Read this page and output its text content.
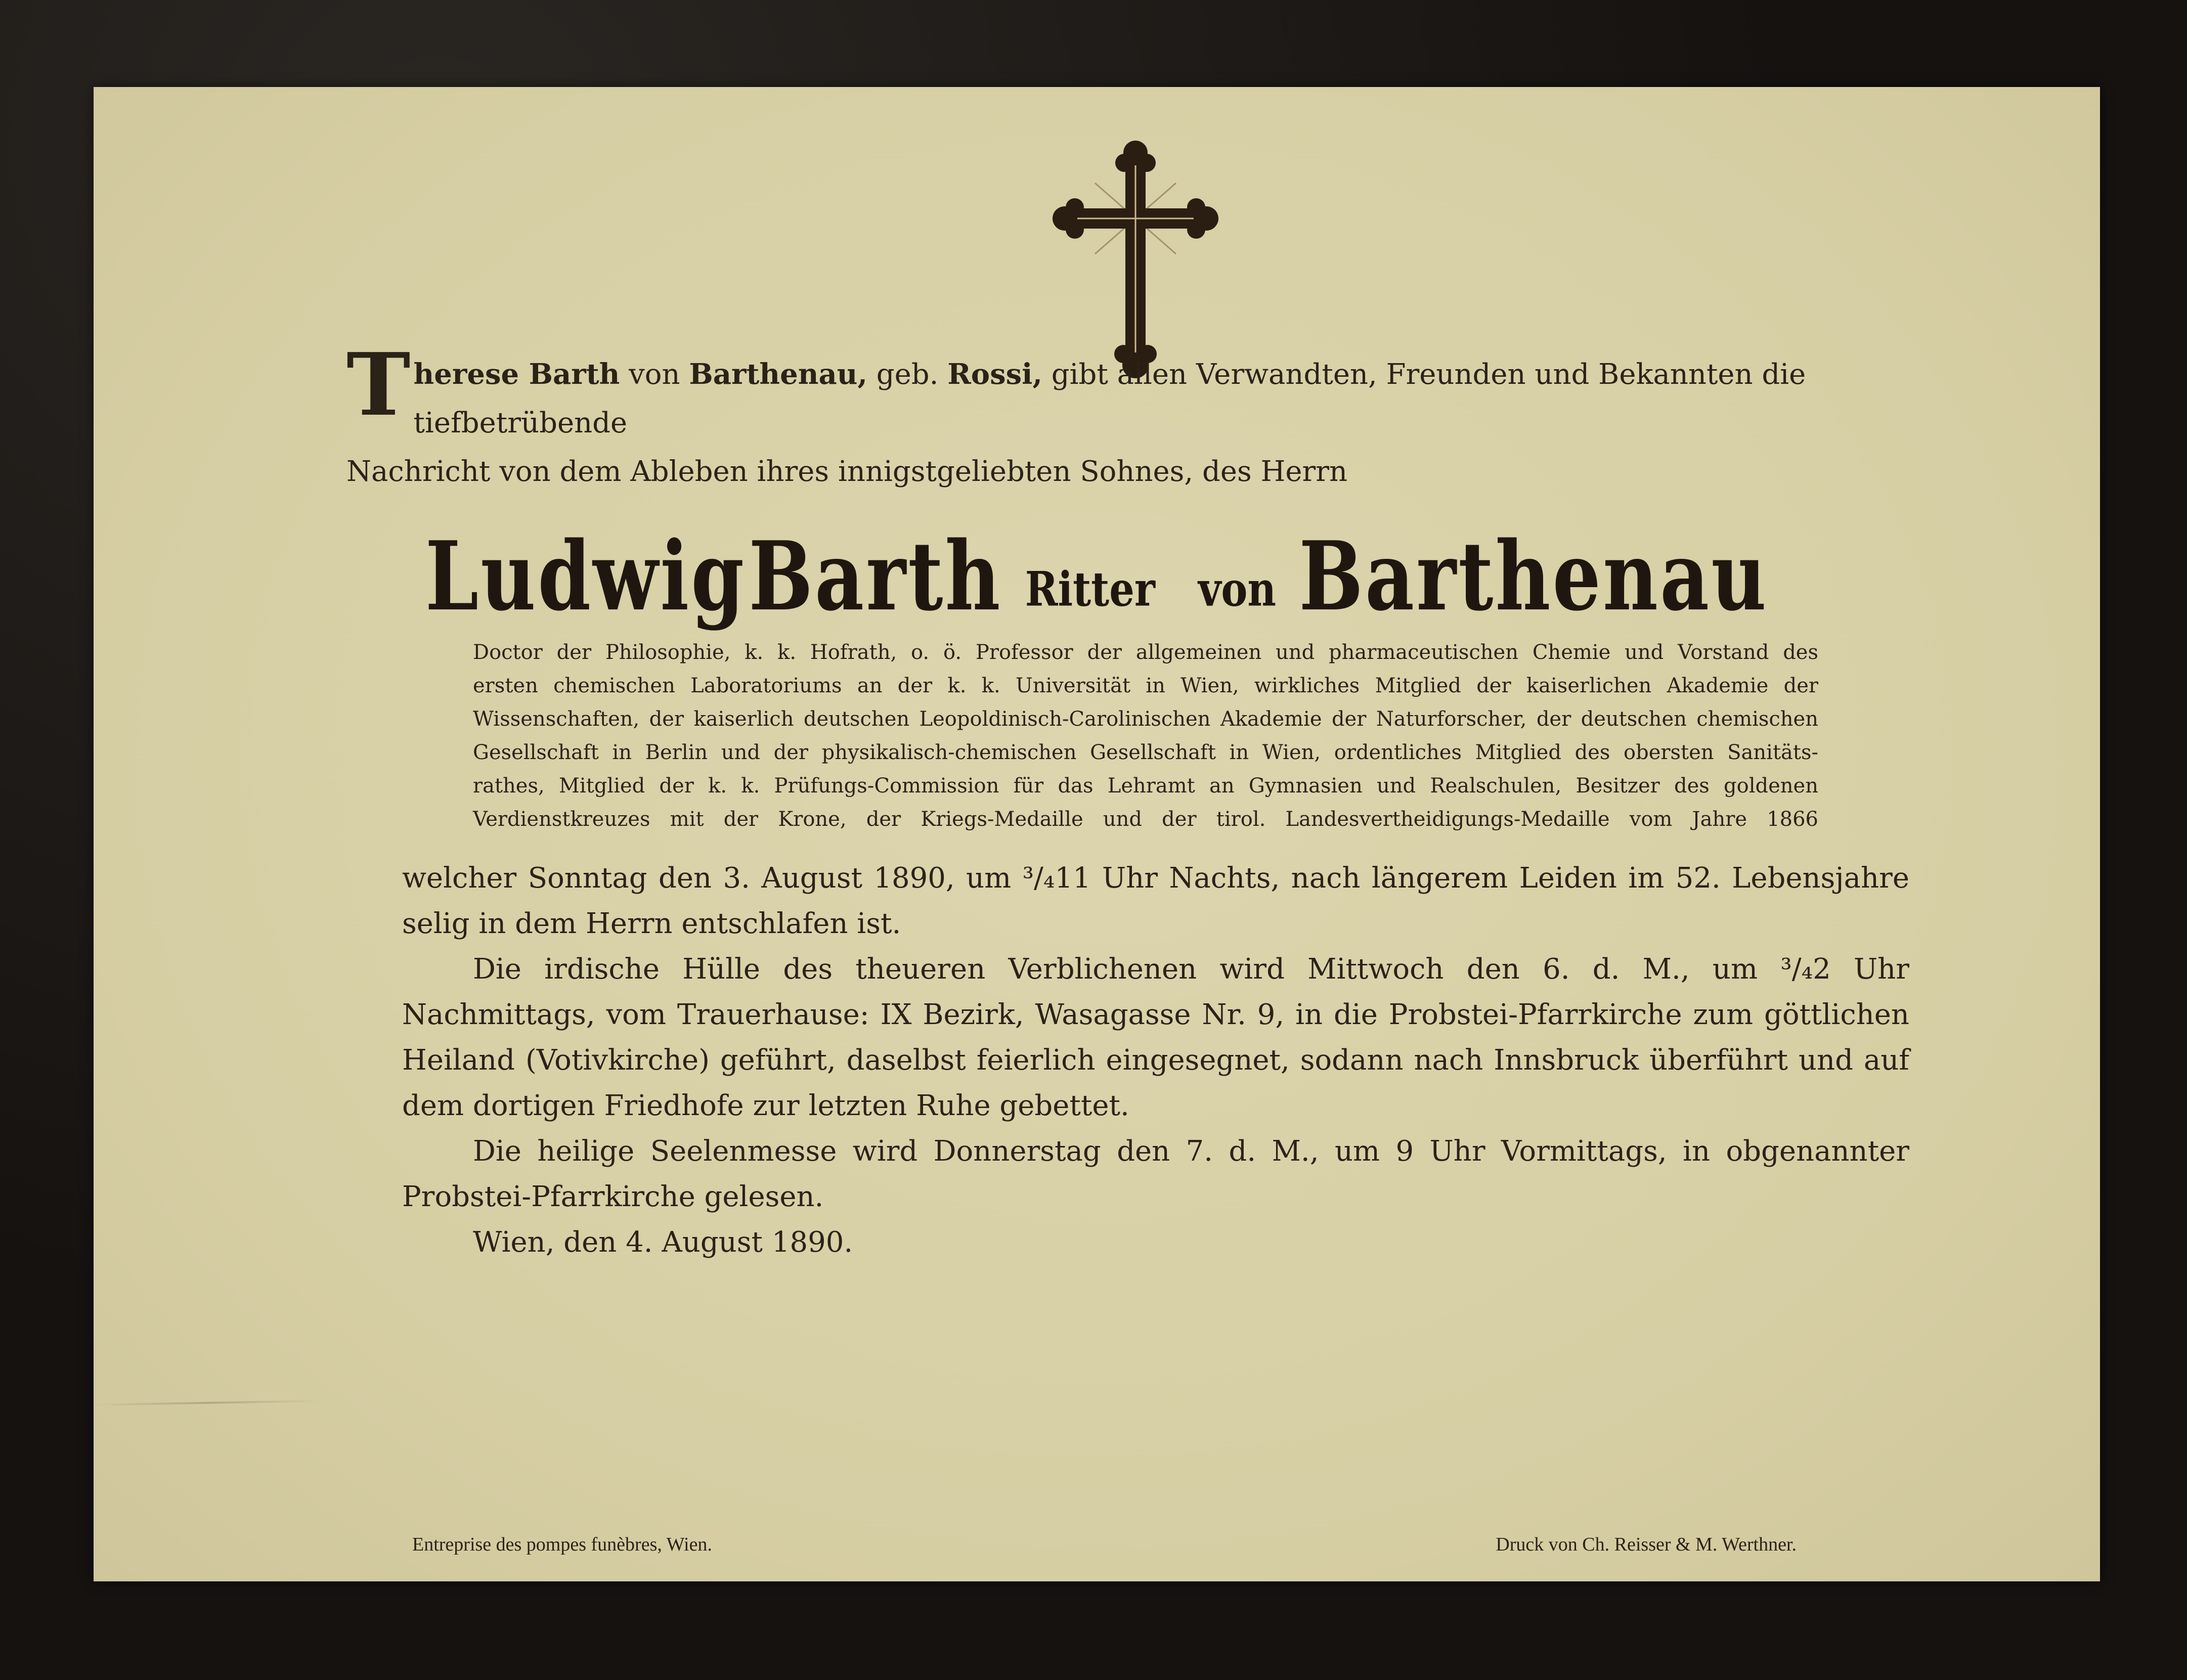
T herese Barth von Barthenau, geb. Rossi, gibt allen Verwandten, Freunden und Bekannten die tiefbetrübende
Nachricht von dem Ableben ihres innigstgeliebten Sohnes, des Herrn
Ludwig Barth Ritter von Barthenau
Doctor der Philosophie, k. k. Hofrath, o. ö. Professor der allgemeinen und pharmaceutischen Chemie und Vorstand des
ersten chemischen Laboratoriums an der k. k. Universität in Wien, wirkliches Mitglied der kaiserlichen Akademie der
Wissenschaften, der kaiserlich deutschen Leopoldinisch-Carolinischen Akademie der Naturforscher, der deutschen chemischen
Gesellschaft in Berlin und der physikalisch-chemischen Gesellschaft in Wien, ordentliches Mitglied des obersten Sanitäts-
rathes, Mitglied der k. k. Prüfungs-Commission für das Lehramt an Gymnasien und Realschulen, Besitzer des goldenen
Verdienstkreuzes mit der Krone, der Kriegs-Medaille und der tirol. Landesvertheidigungs-Medaille vom Jahre 1866

welcher Sonntag den 3. August 1890, um ³/₄11 Uhr Nachts, nach längerem Leiden im 52. Lebensjahre selig in dem Herrn entschlafen ist.

Die irdische Hülle des theueren Verblichenen wird Mittwoch den 6. d. M., um ³/₄2 Uhr Nachmittags, vom Trauerhause: IX Bezirk, Wasagasse Nr. 9, in die Probstei-Pfarrkirche zum göttlichen Heiland (Votivkirche) geführt, daselbst feierlich eingesegnet, sodann nach Innsbruck überführt und auf dem dortigen Friedhofe zur letzten Ruhe gebettet.

Die heilige Seelenmesse wird Donnerstag den 7. d. M., um 9 Uhr Vormittags, in obgenannter Probstei-Pfarrkirche gelesen.

Wien, den 4. August 1890.

Entreprise des pompes funèbres, Wien.	Druck von Ch. Reisser & M. Werthner.
